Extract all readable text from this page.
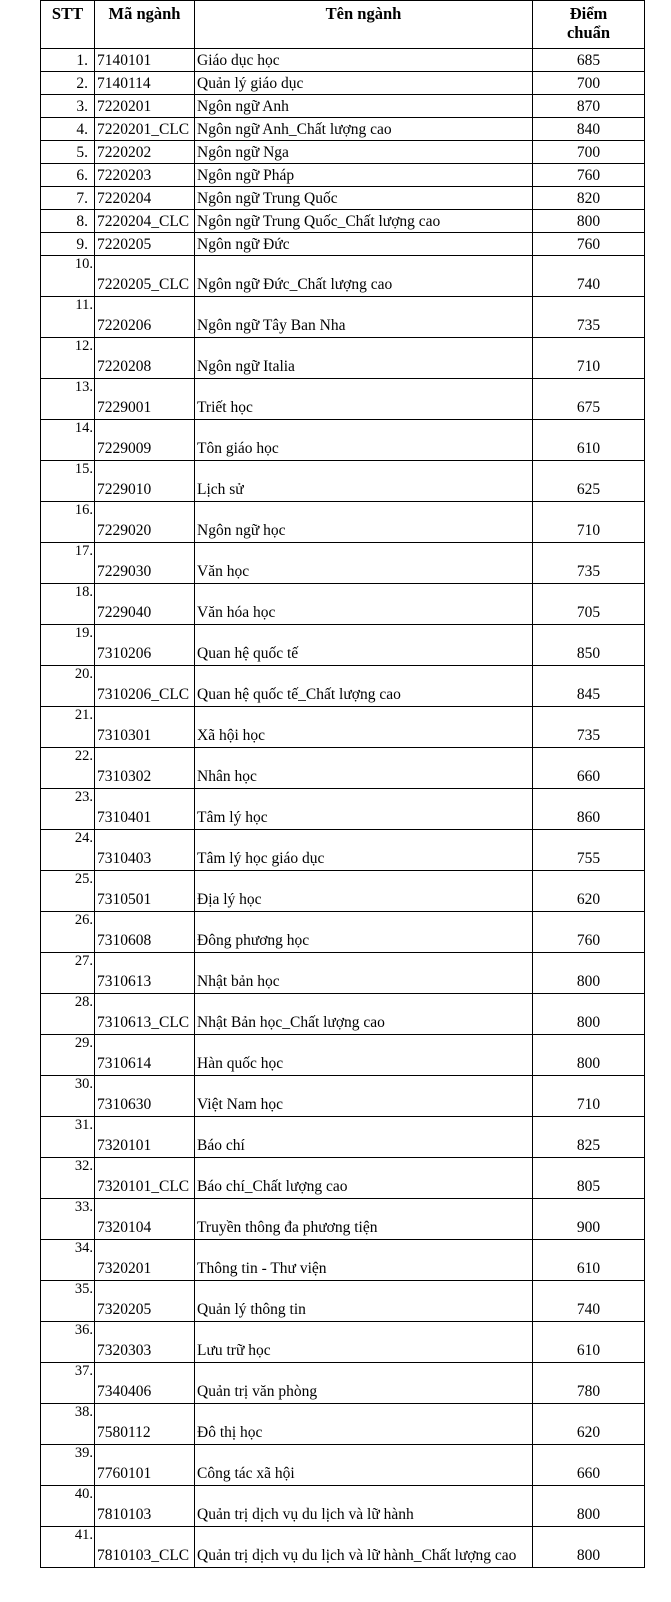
STT	Mã ngành	Tên ngành	Điểm
chuẩn
1.	7140101	Giáo dục học	685
2.	7140114	Quản lý giáo dục	700
3.	7220201	Ngôn ngữ Anh	870
4.	7220201_CLC	Ngôn ngữ Anh_Chất lượng cao	840
5.	7220202	Ngôn ngữ Nga	700
6.	7220203	Ngôn ngữ Pháp	760
7.	7220204	Ngôn ngữ Trung Quốc	820
8.	7220204_CLC	Ngôn ngữ Trung Quốc_Chất lượng cao	800
9.	7220205	Ngôn ngữ Đức	760
10.	7220205_CLC	Ngôn ngữ Đức_Chất lượng cao	740
11.	7220206	Ngôn ngữ Tây Ban Nha	735
12.	7220208	Ngôn ngữ Italia	710
13.	7229001	Triết học	675
14.	7229009	Tôn giáo học	610
15.	7229010	Lịch sử	625
16.	7229020	Ngôn ngữ học	710
17.	7229030	Văn học	735
18.	7229040	Văn hóa học	705
19.	7310206	Quan hệ quốc tế	850
20.	7310206_CLC	Quan hệ quốc tế_Chất lượng cao	845
21.	7310301	Xã hội học	735
22.	7310302	Nhân học	660
23.	7310401	Tâm lý học	860
24.	7310403	Tâm lý học giáo dục	755
25.	7310501	Địa lý học	620
26.	7310608	Đông phương học	760
27.	7310613	Nhật bản học	800
28.	7310613_CLC	Nhật Bản học_Chất lượng cao	800
29.	7310614	Hàn quốc học	800
30.	7310630	Việt Nam học	710
31.	7320101	Báo chí	825
32.	7320101_CLC	Báo chí_Chất lượng cao	805
33.	7320104	Truyền thông đa phương tiện	900
34.	7320201	Thông tin - Thư viện	610
35.	7320205	Quản lý thông tin	740
36.	7320303	Lưu trữ học	610
37.	7340406	Quản trị văn phòng	780
38.	7580112	Đô thị học	620
39.	7760101	Công tác xã hội	660
40.	7810103	Quản trị dịch vụ du lịch và lữ hành	800
41.	7810103_CLC	Quản trị dịch vụ du lịch và lữ hành_Chất lượng cao	800
